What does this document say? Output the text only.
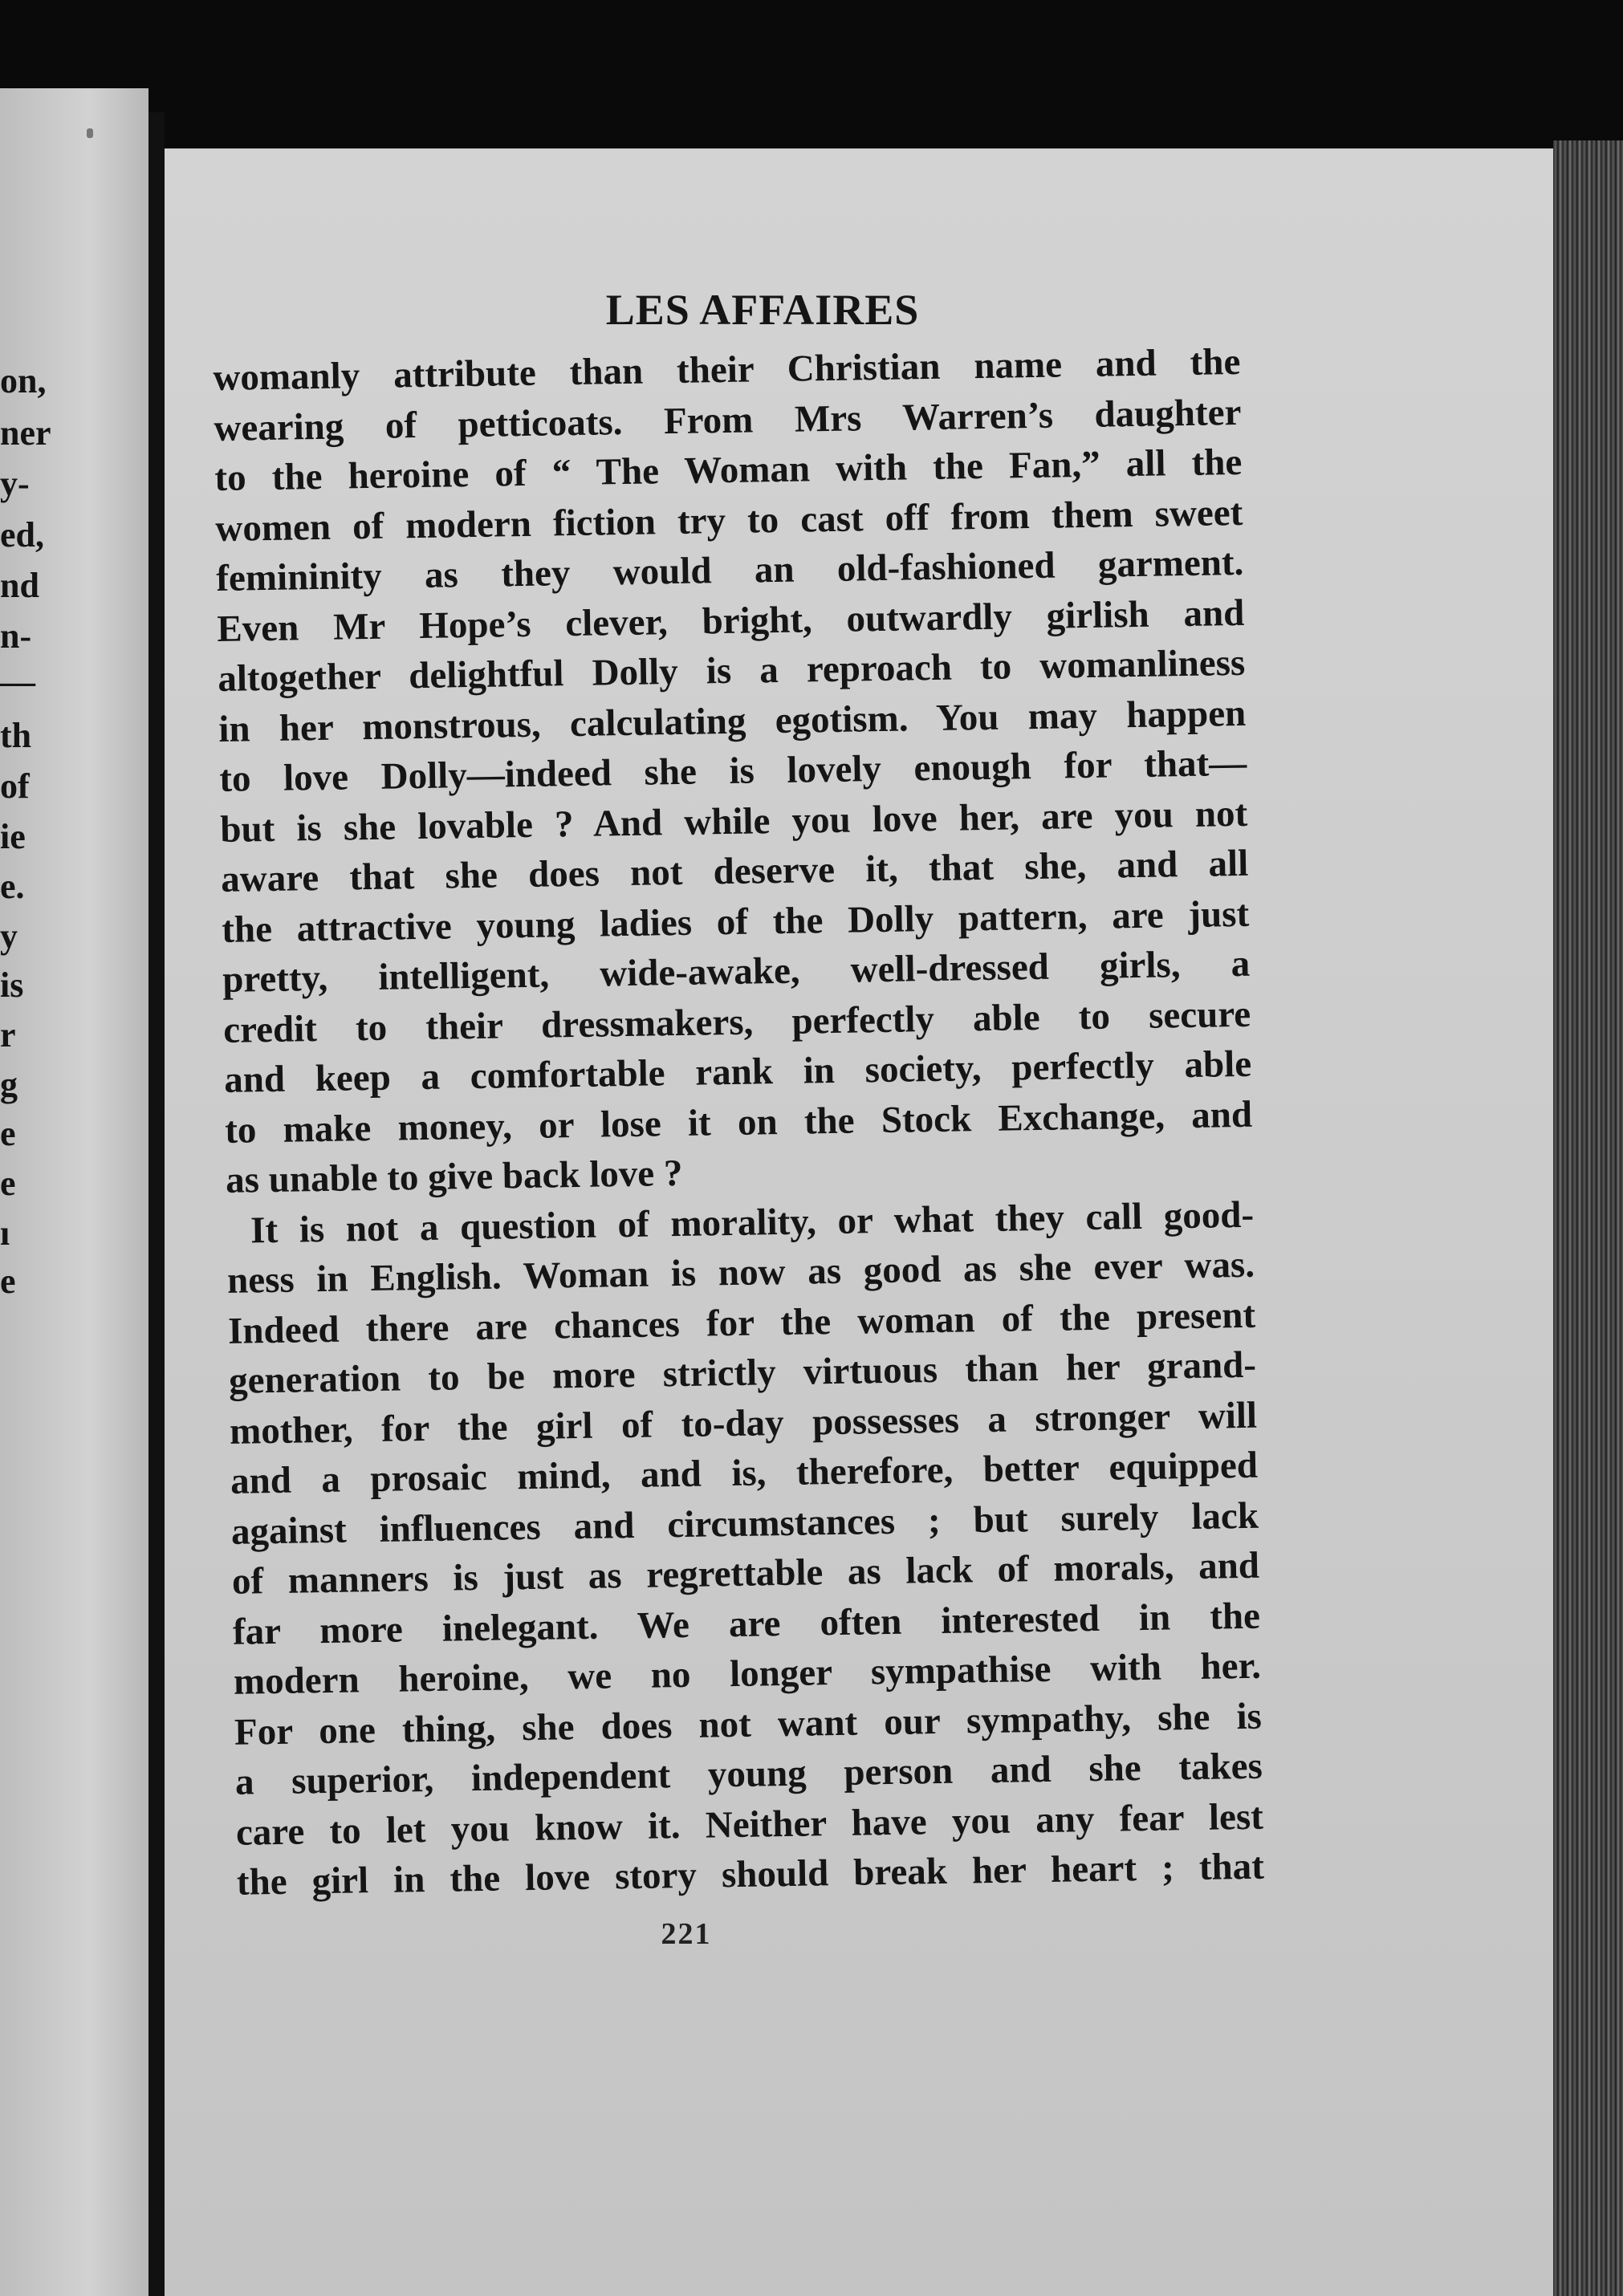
on,
ner
y-
ed,
nd
n-
—
th
of
ie
e.
y
is
r
g
e
e
ı
e
LES AFFAIRES
womanly attribute than their Christian name and the
wearing of petticoats. From Mrs Warren’s daughter
to the heroine of “ The Woman with the Fan,” all the
women of modern fiction try to cast off from them sweet
femininity as they would an old-fashioned garment.
Even Mr Hope’s clever, bright, outwardly girlish and
altogether delightful Dolly is a reproach to womanliness
in her monstrous, calculating egotism. You may happen
to love Dolly—indeed she is lovely enough for that—
but is she lovable ? And while you love her, are you not
aware that she does not deserve it, that she, and all
the attractive young ladies of the Dolly pattern, are just
pretty, intelligent, wide-awake, well-dressed girls, a
credit to their dressmakers, perfectly able to secure
and keep a comfortable rank in society, perfectly able
to make money, or lose it on the Stock Exchange, and
as unable to give back love ?
It is not a question of morality, or what they call good-
ness in English. Woman is now as good as she ever was.
Indeed there are chances for the woman of the present
generation to be more strictly virtuous than her grand-
mother, for the girl of to-day possesses a stronger will
and a prosaic mind, and is, therefore, better equipped
against influences and circumstances ; but surely lack
of manners is just as regrettable as lack of morals, and
far more inelegant. We are often interested in the
modern heroine, we no longer sympathise with her.
For one thing, she does not want our sympathy, she is
a superior, independent young person and she takes
care to let you know it. Neither have you any fear lest
the girl in the love story should break her heart ; that
221
